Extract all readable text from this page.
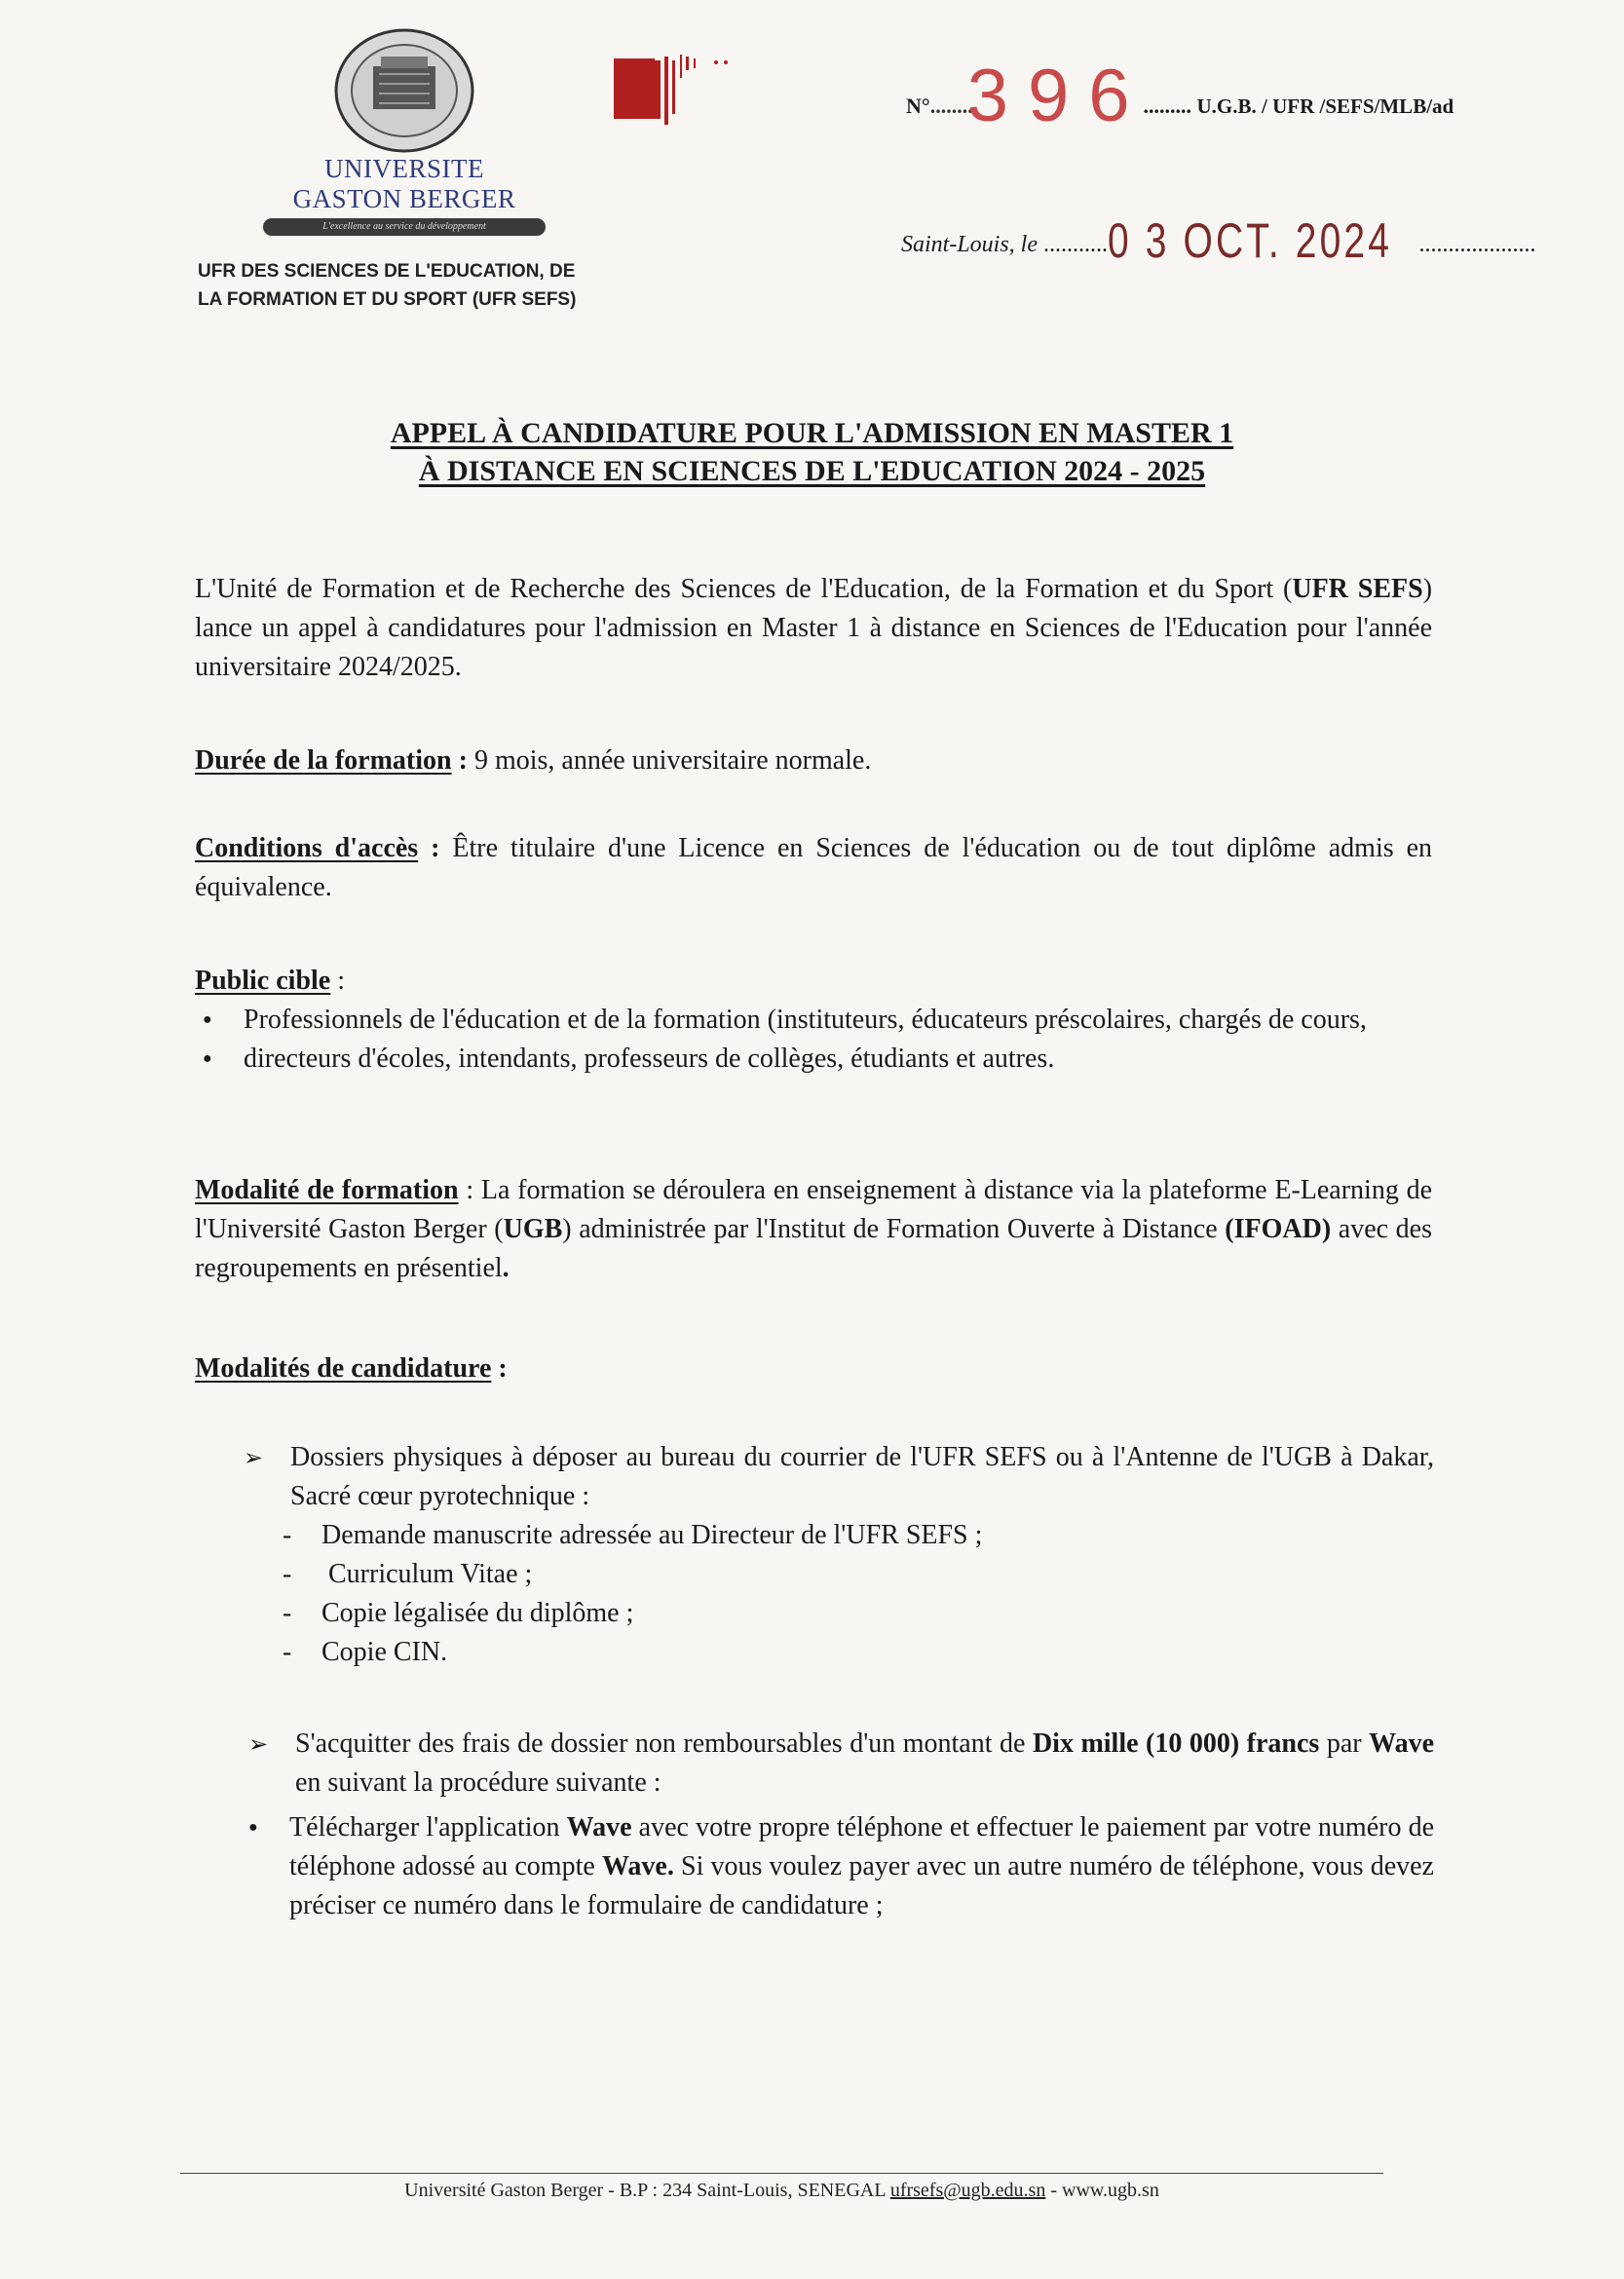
UNIVERSITE
GASTON BERGER
L'excellence au service du développement
UFR DES SCIENCES DE L'EDUCATION, DE
LA FORMATION ET DU SPORT (UFR SEFS)
N°........396......... U.G.B. / UFR /SEFS/MLB/ad
Saint-Louis, le ...........0 3 OCT. 2024 ....................
APPEL À CANDIDATURE POUR L'ADMISSION EN MASTER 1
À DISTANCE EN SCIENCES DE L'EDUCATION 2024 - 2025
L'Unité de Formation et de Recherche des Sciences de l'Education, de la Formation et du Sport (UFR SEFS) lance un appel à candidatures pour l'admission en Master 1 à distance en Sciences de l'Education pour l'année universitaire 2024/2025.
Durée de la formation : 9 mois, année universitaire normale.
Conditions d'accès : Être titulaire d'une Licence en Sciences de l'éducation ou de tout diplôme admis en équivalence.
Public cible :
● Professionnels de l'éducation et de la formation (instituteurs, éducateurs préscolaires, chargés de cours,
● directeurs d'écoles, intendants, professeurs de collèges, étudiants et autres.
Modalité de formation : La formation se déroulera en enseignement à distance via la plateforme E-Learning de l'Université Gaston Berger (UGB) administrée par l'Institut de Formation Ouverte à Distance (IFOAD) avec des regroupements en présentiel.
Modalités de candidature :
➢ Dossiers physiques à déposer au bureau du courrier de l'UFR SEFS ou à l'Antenne de l'UGB à Dakar, Sacré cœur pyrotechnique :
- Demande manuscrite adressée au Directeur de l'UFR SEFS ;
-  Curriculum Vitae ;
- Copie légalisée du diplôme ;
- Copie CIN.
➢ S'acquitter des frais de dossier non remboursables d'un montant de Dix mille (10 000) francs par Wave en suivant la procédure suivante :
● Télécharger l'application Wave avec votre propre téléphone et effectuer le paiement par votre numéro de téléphone adossé au compte Wave. Si vous voulez payer avec un autre numéro de téléphone, vous devez préciser ce numéro dans le formulaire de candidature ;
Université Gaston Berger - B.P : 234 Saint-Louis, SENEGAL ufrsefs@ugb.edu.sn - www.ugb.sn
